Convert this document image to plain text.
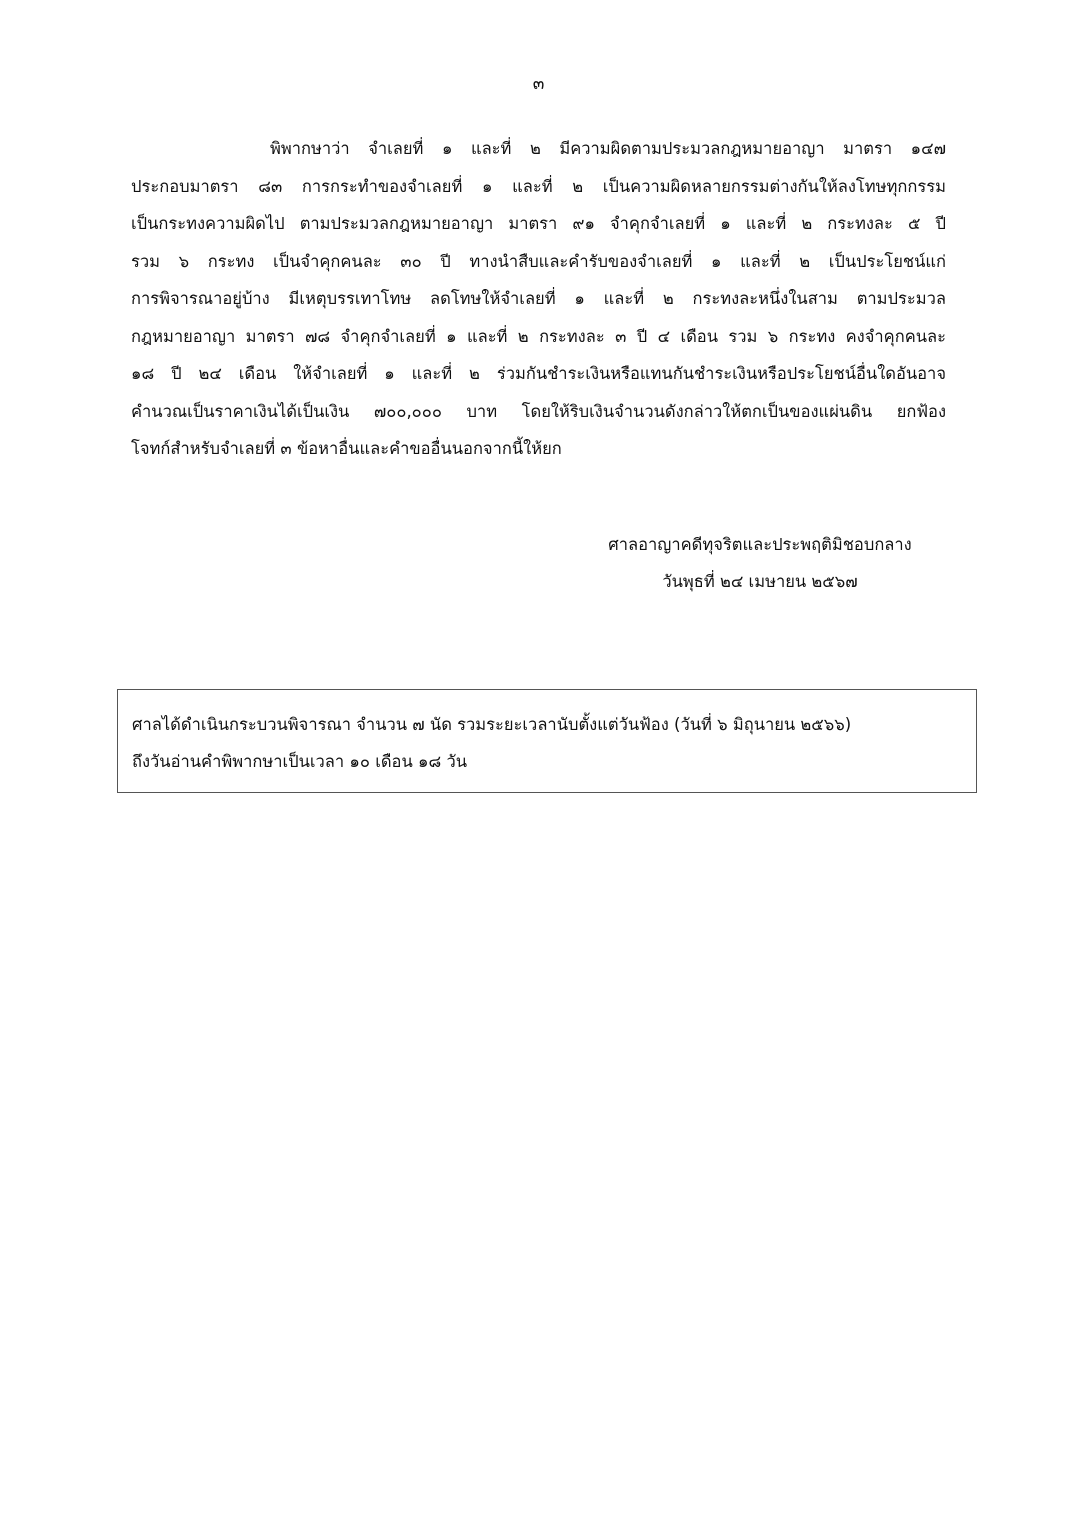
๓
พิพากษาว่า จำเลยที่ ๑ และที่ ๒ มีความผิดตามประมวลกฎหมายอาญา มาตรา ๑๔๗
ประกอบมาตรา ๘๓ การกระทำของจำเลยที่ ๑ และที่ ๒ เป็นความผิดหลายกรรมต่างกันให้ลงโทษทุกกรรม
เป็นกระทงความผิดไป ตามประมวลกฎหมายอาญา มาตรา ๙๑ จำคุกจำเลยที่ ๑ และที่ ๒ กระทงละ ๕ ปี
รวม ๖ กระทง เป็นจำคุกคนละ ๓๐ ปี ทางนำสืบและคำรับของจำเลยที่ ๑ และที่ ๒ เป็นประโยชน์แก่
การพิจารณาอยู่บ้าง มีเหตุบรรเทาโทษ ลดโทษให้จำเลยที่ ๑ และที่ ๒ กระทงละหนึ่งในสาม ตามประมวล
กฎหมายอาญา มาตรา ๗๘ จำคุกจำเลยที่ ๑ และที่ ๒ กระทงละ ๓ ปี ๔ เดือน รวม ๖ กระทง คงจำคุกคนละ
๑๘ ปี ๒๔ เดือน ให้จำเลยที่ ๑ และที่ ๒ ร่วมกันชำระเงินหรือแทนกันชำระเงินหรือประโยชน์อื่นใดอันอาจ
คำนวณเป็นราคาเงินได้เป็นเงิน ๗๐๐,๐๐๐ บาท โดยให้ริบเงินจำนวนดังกล่าวให้ตกเป็นของแผ่นดิน ยกฟ้อง
โจทก์สำหรับจำเลยที่ ๓ ข้อหาอื่นและคำขออื่นนอกจากนี้ให้ยก
ศาลอาญาคดีทุจริตและประพฤติมิชอบกลาง
วันพุธที่ ๒๔ เมษายน ๒๕๖๗
ศาลได้ดำเนินกระบวนพิจารณา จำนวน ๗ นัด รวมระยะเวลานับตั้งแต่วันฟ้อง (วันที่ ๖ มิถุนายน ๒๕๖๖)
ถึงวันอ่านคำพิพากษาเป็นเวลา ๑๐ เดือน ๑๘ วัน
